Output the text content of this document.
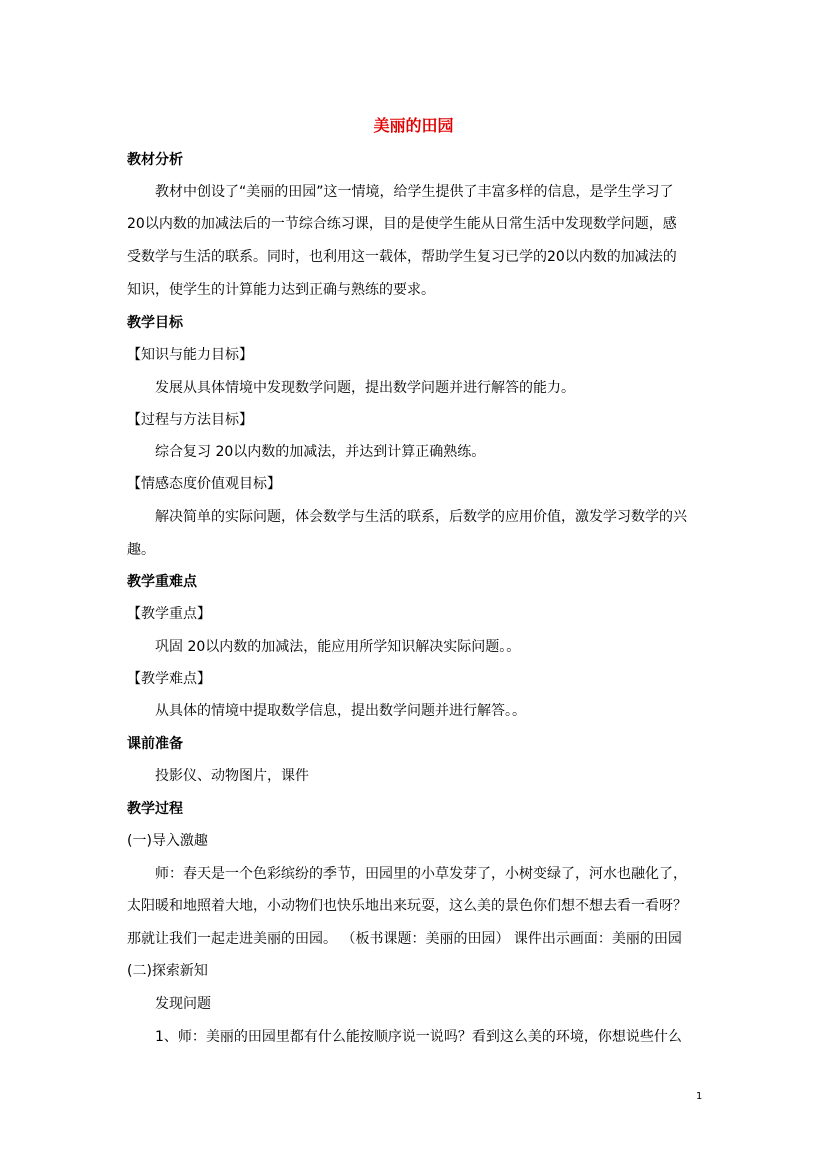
美丽的田园
教材分析
教材中创设了“美丽的田园”这一情境，给学生提供了丰富多样的信息，是学生学习了
20以内数的加减法后的一节综合练习课，目的是使学生能从日常生活中发现数学问题，感
受数学与生活的联系。同时，也利用这一载体，帮助学生复习已学的20以内数的加减法的
知识，使学生的计算能力达到正确与熟练的要求。
教学目标
【知识与能力目标】
发展从具体情境中发现数学问题，提出数学问题并进行解答的能力。
【过程与方法目标】
综合复习 20以内数的加减法，并达到计算正确熟练。
【情感态度价值观目标】
解决简单的实际问题，体会数学与生活的联系，后数学的应用价值，激发学习数学的兴
趣。
教学重难点
【教学重点】
巩固 20以内数的加减法，能应用所学知识解决实际问题。。
【教学难点】
从具体的情境中提取数学信息，提出数学问题并进行解答。。
课前准备
投影仪、动物图片，课件
教学过程
(一)导入激趣
师：春天是一个色彩缤纷的季节，田园里的小草发芽了，小树变绿了，河水也融化了，
太阳暖和地照着大地，小动物们也快乐地出来玩耍，这么美的景色你们想不想去看一看呀？
那就让我们一起走进美丽的田园。 （板书课题：美丽的田园） 课件出示画面：美丽的田园
(二)探索新知
发现问题
1、师：美丽的田园里都有什么能按顺序说一说吗？看到这么美的环境，你想说些什么
1
